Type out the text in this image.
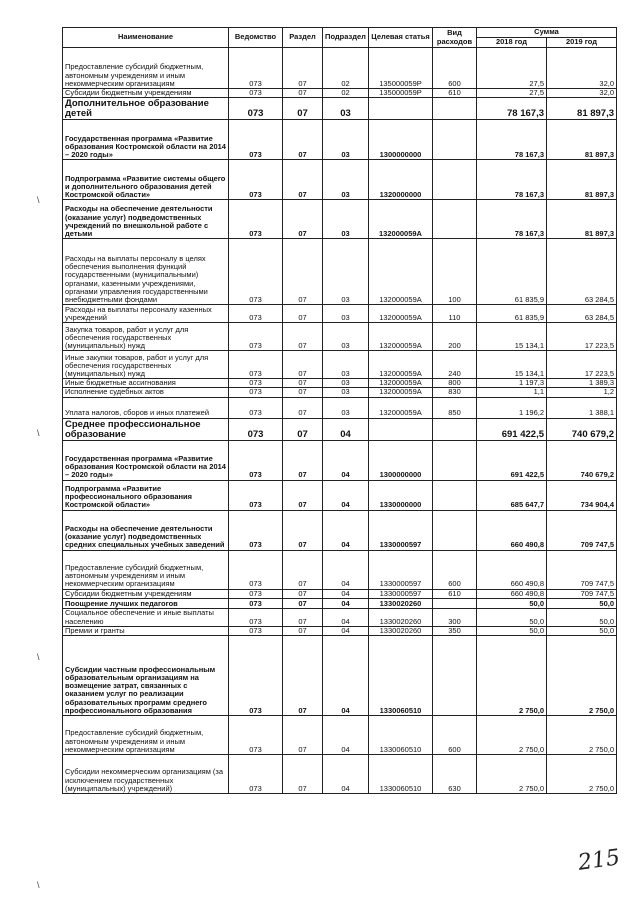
Наименование	Ведомство	Раздел	Подраздел	Целевая статья	Вид расходов	Сумма	
						2018 год	2019 год
Предоставление субсидий бюджетным, автономным учреждениям и иным некоммерческим организациям	073	07	02	135000059Р	600	27,5	32,0
Субсидии бюджетным учреждениям	073	07	02	135000059Р	610	27,5	32,0
Дополнительное образование детей	073	07	03			78 167,3	81 897,3
Государственная программа «Развитие образования Костромской области на 2014 – 2020 годы»	073	07	03	1300000000		78 167,3	81 897,3
Подпрограмма «Развитие системы общего и дополнительного образования детей Костромской области»	073	07	03	1320000000		78 167,3	81 897,3
Расходы на обеспечение деятельности (оказание услуг) подведомственных учреждений по внешкольной работе с детьми	073	07	03	132000059А		78 167,3	81 897,3
Расходы на выплаты персоналу в целях обеспечения выполнения функций государственными (муниципальными) органами, казенными учреждениями, органами управления государственными внебюджетными фондами	073	07	03	132000059А	100	61 835,9	63 284,5
Расходы на выплаты персоналу казенных учреждений	073	07	03	132000059А	110	61 835,9	63 284,5
Закупка товаров, работ и услуг для обеспечения государственных (муниципальных) нужд	073	07	03	132000059А	200	15 134,1	17 223,5
Иные закупки товаров, работ и услуг для обеспечения государственных (муниципальных) нужд	073	07	03	132000059А	240	15 134,1	17 223,5
Иные бюджетные ассигнования	073	07	03	132000059А	800	1 197,3	1 389,3
Исполнение судебных актов	073	07	03	132000059А	830	1,1	1,2
Уплата налогов, сборов и иных платежей	073	07	03	132000059А	850	1 196,2	1 388,1
Среднее профессиональное образование	073	07	04			691 422,5	740 679,2
Государственная программа «Развитие образования Костромской области на 2014 – 2020 годы»	073	07	04	1300000000		691 422,5	740 679,2
Подпрограмма «Развитие профессионального образования Костромской области»	073	07	04	1330000000		685 647,7	734 904,4
Расходы на обеспечение деятельности (оказание услуг) подведомственных средних специальных учебных заведений	073	07	04	1330000597		660 490,8	709 747,5
Предоставление субсидий бюджетным, автономным учреждениям и иным некоммерческим организациям	073	07	04	1330000597	600	660 490,8	709 747,5
Субсидии бюджетным учреждениям	073	07	04	1330000597	610	660 490,8	709 747,5
Поощрение лучших педагогов	073	07	04	1330020260		50,0	50,0
Социальное обеспечение и иные выплаты населению	073	07	04	1330020260	300	50,0	50,0
Премии и гранты	073	07	04	1330020260	350	50,0	50,0
Субсидии частным профессиональным образовательным организациям на возмещение затрат, связанных с оказанием услуг по реализации образовательных программ среднего профессионального образования	073	07	04	1330060510		2 750,0	2 750,0
Предоставление субсидий бюджетным, автономным учреждениям и иным некоммерческим организациям	073	07	04	1330060510	600	2 750,0	2 750,0
Субсидии некоммерческим организациям (за исключением государственных (муниципальных) учреждений)	073	07	04	1330060510	630	2 750,0	2 750,0
\
\
\
\
215
